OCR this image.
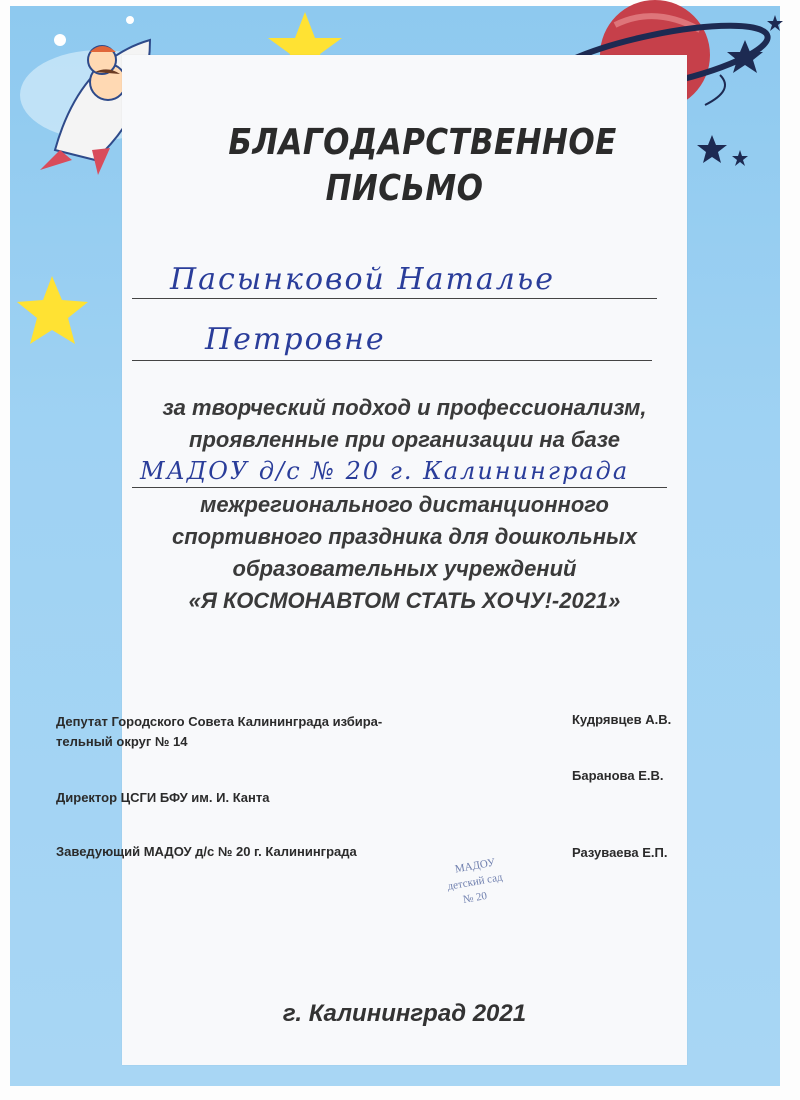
БЛАГОДАРСТВЕННОЕ
ПИСЬМО
Пасынковой Наталье
Петровне
за творческий подход и профессионализм,
проявленные при организации на базе
МАДОУ д/с № 20 г. Калининграда
межрегионального дистанционного
спортивного праздника для дошкольных
образовательных учреждений
«Я КОСМОНАВТОМ СТАТЬ ХОЧУ!-2021»
Депутат Городского Совета Калининграда избира-
тельный округ № 14
Кудрявцев А.В.
Директор ЦСГИ БФУ им. И. Канта
Баранова Е.В.
Заведующий МАДОУ д/с № 20 г. Калининграда	Разуваева Е.П.
МАДОУ
детский сад
№ 20
г. Калининград 2021
